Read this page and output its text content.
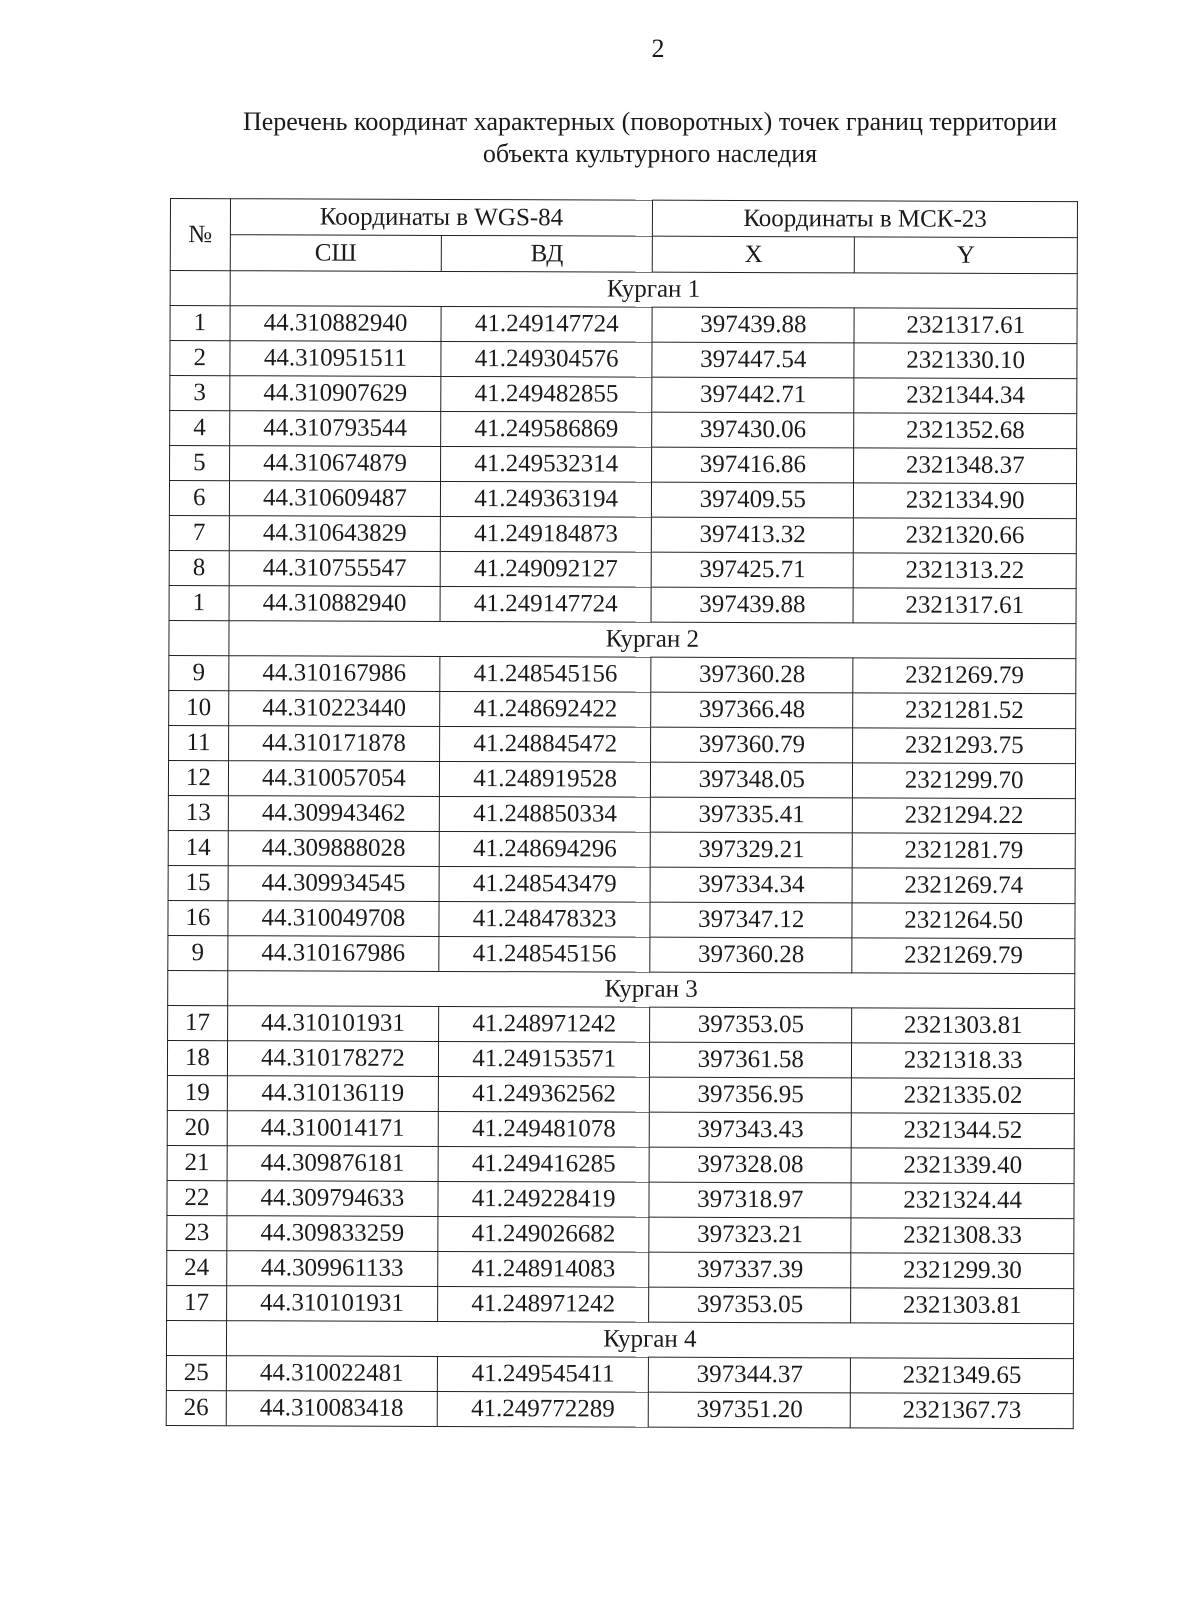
2
Перечень координат характерных (поворотных) точек границ территории
объекта культурного наследия
№	Координаты в WGS-84		Координаты в МСК-23	
	СШ	ВД	X	Y
	Курган 1			
1	44.310882940	41.249147724	397439.88	2321317.61
2	44.310951511	41.249304576	397447.54	2321330.10
3	44.310907629	41.249482855	397442.71	2321344.34
4	44.310793544	41.249586869	397430.06	2321352.68
5	44.310674879	41.249532314	397416.86	2321348.37
6	44.310609487	41.249363194	397409.55	2321334.90
7	44.310643829	41.249184873	397413.32	2321320.66
8	44.310755547	41.249092127	397425.71	2321313.22
1	44.310882940	41.249147724	397439.88	2321317.61
	Курган 2			
9	44.310167986	41.248545156	397360.28	2321269.79
10	44.310223440	41.248692422	397366.48	2321281.52
11	44.310171878	41.248845472	397360.79	2321293.75
12	44.310057054	41.248919528	397348.05	2321299.70
13	44.309943462	41.248850334	397335.41	2321294.22
14	44.309888028	41.248694296	397329.21	2321281.79
15	44.309934545	41.248543479	397334.34	2321269.74
16	44.310049708	41.248478323	397347.12	2321264.50
9	44.310167986	41.248545156	397360.28	2321269.79
	Курган 3			
17	44.310101931	41.248971242	397353.05	2321303.81
18	44.310178272	41.249153571	397361.58	2321318.33
19	44.310136119	41.249362562	397356.95	2321335.02
20	44.310014171	41.249481078	397343.43	2321344.52
21	44.309876181	41.249416285	397328.08	2321339.40
22	44.309794633	41.249228419	397318.97	2321324.44
23	44.309833259	41.249026682	397323.21	2321308.33
24	44.309961133	41.248914083	397337.39	2321299.30
17	44.310101931	41.248971242	397353.05	2321303.81
	Курган 4			
25	44.310022481	41.249545411	397344.37	2321349.65
26	44.310083418	41.249772289	397351.20	2321367.73
